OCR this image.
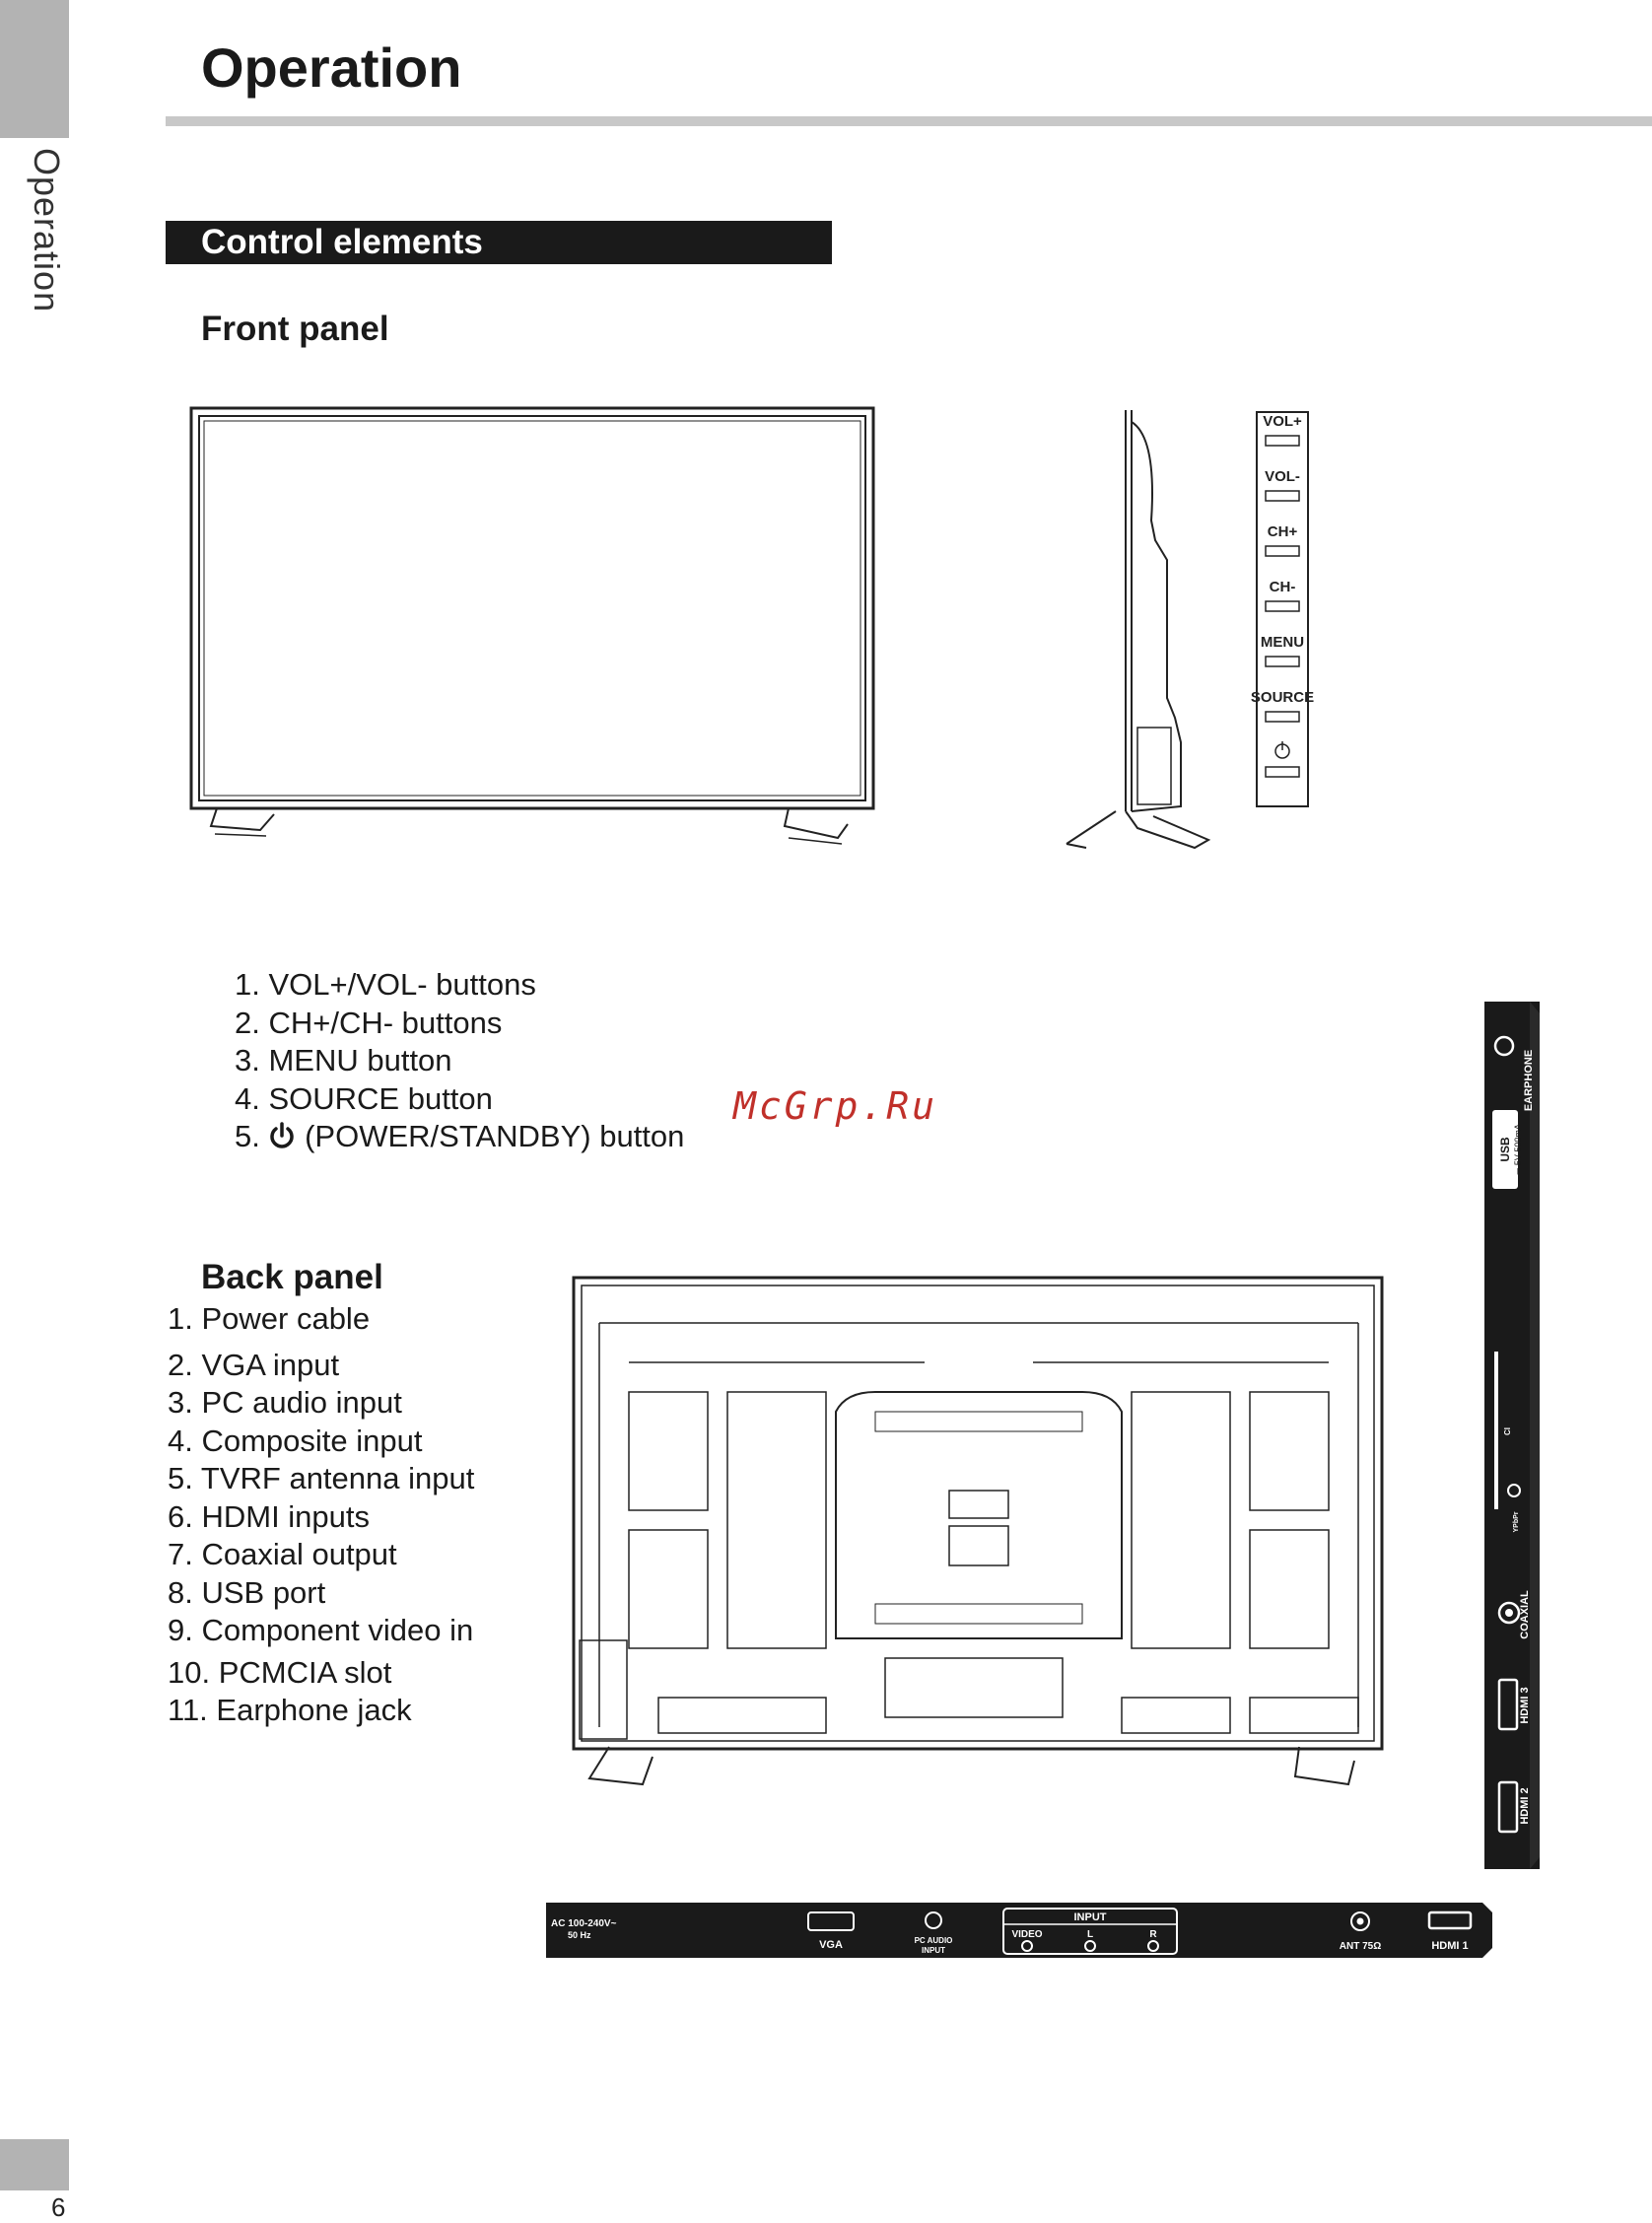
Operation
6
Operation
Control elements
Front panel
VOL+
VOL-
CH+
CH-
MENU
SOURCE
1. VOL+/VOL- buttons
2. CH+/CH- buttons
3. MENU button
4. SOURCE button
5. (POWER/STANDBY) button
McGrp.Ru
Back panel
1. Power cable
2. VGA input
3. PC audio input
4. Composite input
5. TVRF antenna input
6. HDMI inputs
7. Coaxial output
8. USB port
9. Component video in
10. PCMCIA slot
11. Earphone jack
EARPHONE
USB ⎓ 5V 500mA
CI
YPbPr
COAXIAL
HDMI 3
HDMI 2
AC 100-240V~
50 Hz
VGA	PC AUDIO
INPUT
INPUT
VIDEO	L	R
ANT 75Ω	HDMI 1
